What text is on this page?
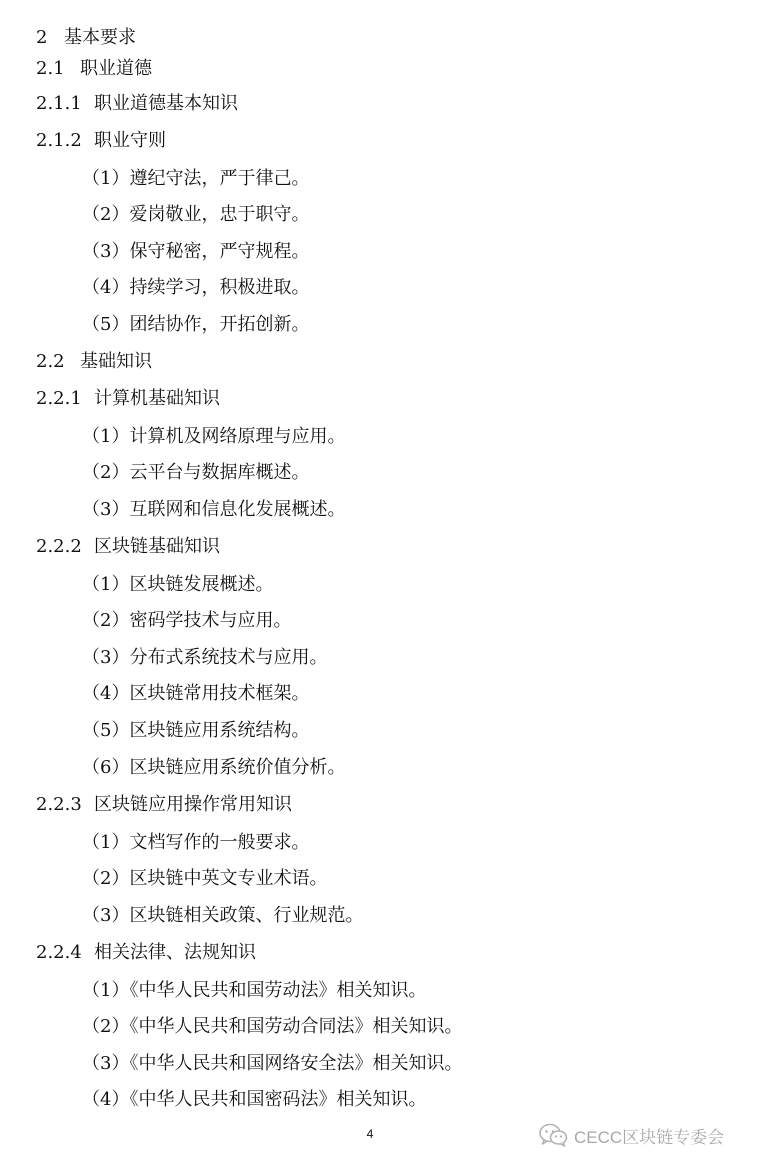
2 基本要求
2.1 职业道德
2.1.1 职业道德基本知识
2.1.2 职业守则
（1）遵纪守法，严于律己。
（2）爱岗敬业，忠于职守。
（3）保守秘密，严守规程。
（4）持续学习，积极进取。
（5）团结协作，开拓创新。
2.2 基础知识
2.2.1 计算机基础知识
（1）计算机及网络原理与应用。
（2）云平台与数据库概述。
（3）互联网和信息化发展概述。
2.2.2 区块链基础知识
（1）区块链发展概述。
（2）密码学技术与应用。
（3）分布式系统技术与应用。
（4）区块链常用技术框架。
（5）区块链应用系统结构。
（6）区块链应用系统价值分析。
2.2.3 区块链应用操作常用知识
（1）文档写作的一般要求。
（2）区块链中英文专业术语。
（3）区块链相关政策、行业规范。
2.2.4 相关法律、法规知识
（1）《中华人民共和国劳动法》相关知识。
（2）《中华人民共和国劳动合同法》相关知识。
（3）《中华人民共和国网络安全法》相关知识。
（4）《中华人民共和国密码法》相关知识。
4	CECC区块链专委会
